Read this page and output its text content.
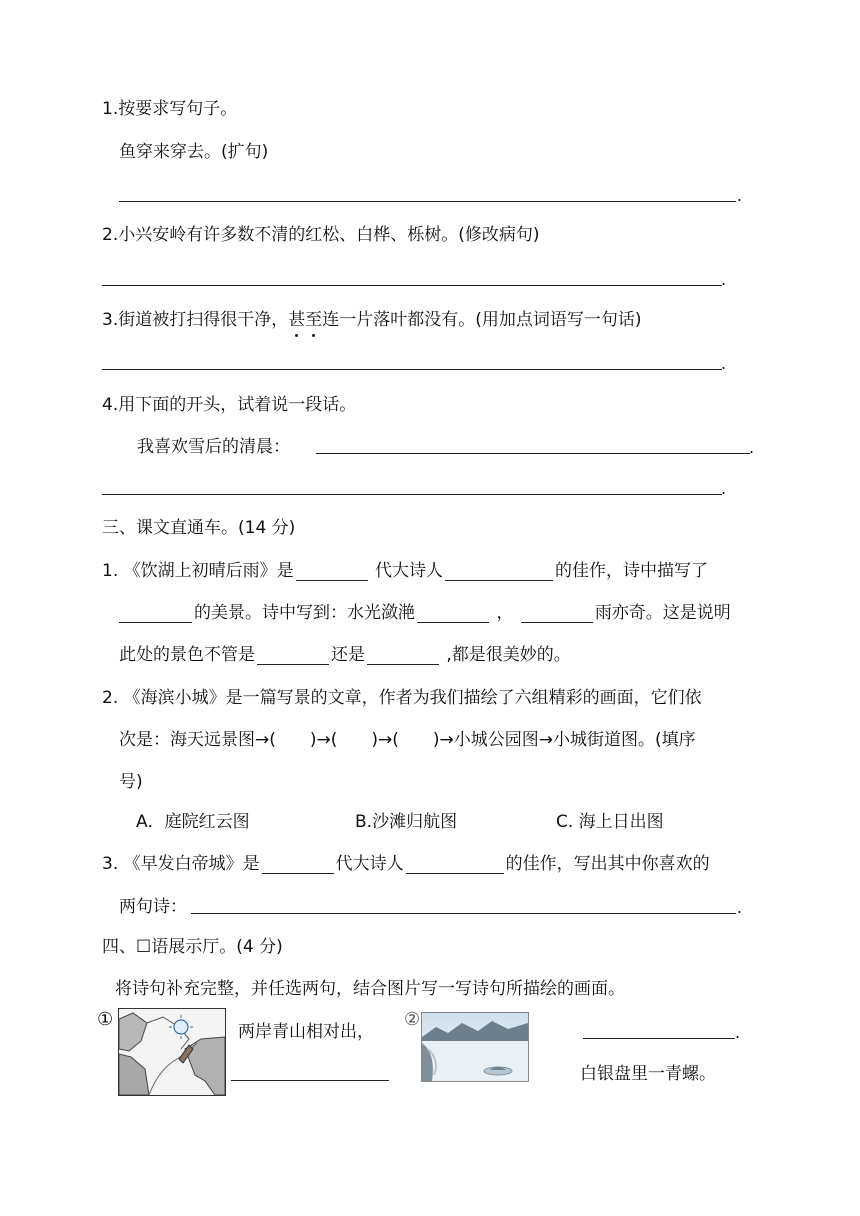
1.按要求写句子。
鱼穿来穿去。(扩句)
.
2.小兴安岭有许多数不清的红松、白桦、栎树。(修改病句)
.
3.街道被打扫得很干净，甚
至
连一片落叶都没有。(用加点词语写一句话)
.
4.用下面的开头，试着说一段话。
我喜欢雪后的清晨：	.
.
三、课文直通车。(14 分)
1. 《饮湖上初晴后雨》是	代大诗人	的佳作，诗中描写了
的美景。诗中写到：水光潋滟	，	雨亦奇。这是说明
此处的景色不管是	还是	,都是很美妙的。
2. 《海滨小城》是一篇写景的文章，作者为我们描绘了六组精彩的画面，它们依
次是：海天远景图→(　　)→(　　)→(　　)→小城公园图→小城街道图。(填序
号)
A．庭院红云图	B.沙滩归航图	C. 海上日出图
3. 《早发白帝城》是	代大诗人	的佳作，写出其中你喜欢的
两句诗：	.
四、☐语展示厅。(4 分)
将诗句补充完整，并任选两句，结合图片写一写诗句所描绘的画面。
①
两岸青山相对出，
②
.
白银盘里一青螺。
